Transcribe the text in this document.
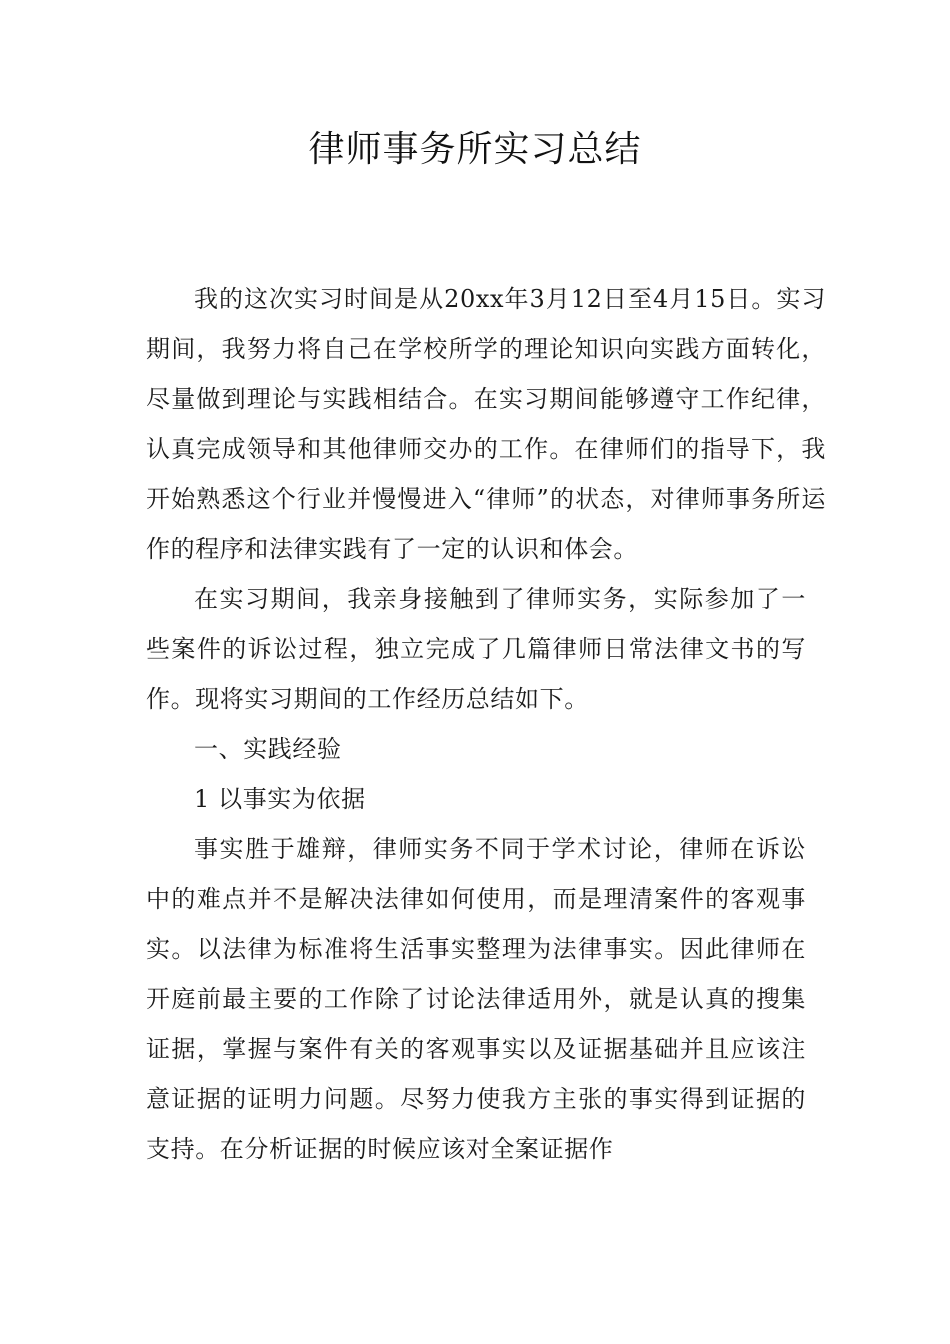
律师事务所实习总结

我的这次实习时间是从20xx年3月12日至4月15日。实习期间，我努力将自己在学校所学的理论知识向实践方面转化，尽量做到理论与实践相结合。在实习期间能够遵守工作纪律，认真完成领导和其他律师交办的工作。在律师们的指导下，我开始熟悉这个行业并慢慢进入“律师”的状态，对律师事务所运作的程序和法律实践有了一定的认识和体会。

在实习期间，我亲身接触到了律师实务，实际参加了一些案件的诉讼过程，独立完成了几篇律师日常法律文书的写作。现将实习期间的工作经历总结如下。

一、实践经验

1 以事实为依据

事实胜于雄辩，律师实务不同于学术讨论，律师在诉讼中的难点并不是解决法律如何使用，而是理清案件的客观事实。以法律为标准将生活事实整理为法律事实。因此律师在开庭前最主要的工作除了讨论法律适用外，就是认真的搜集证据，掌握与案件有关的客观事实以及证据基础并且应该注意证据的证明力问题。尽努力使我方主张的事实得到证据的支持。在分析证据的时候应该对全案证据作
